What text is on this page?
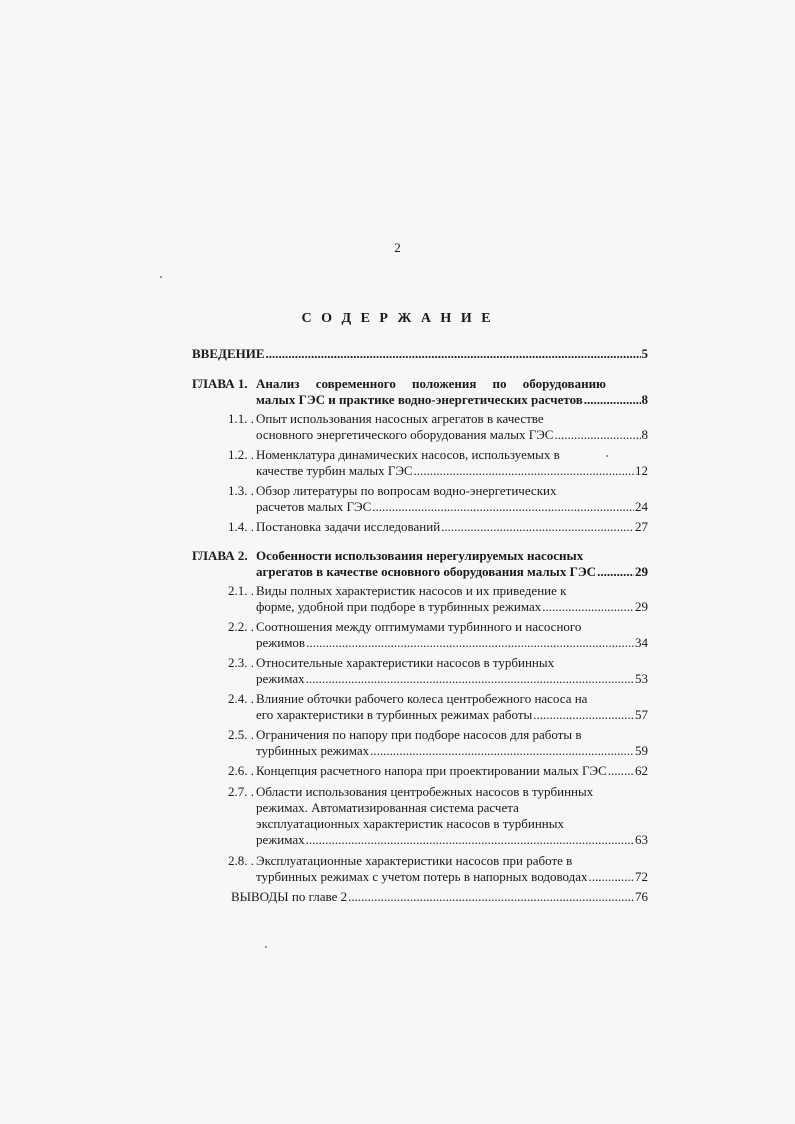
2
С О Д Е Р Ж А Н И Е
ВВЕДЕНИЕ .....	5
ГЛАВА 1. Анализ современного положения по оборудованию
малых ГЭС и практике водно-энергетических расчетов .....	8
1.1. . Опыт использования насосных агрегатов в качестве
основного энергетического оборудования малых ГЭС .....	8
1.2. . Номенклатура динамических насосов, используемых в
качестве турбин малых ГЭС .....	12
1.3. . Обзор литературы по вопросам водно-энергетических
расчетов малых ГЭС .....	24
1.4. . Постановка задачи исследований .....	27
ГЛАВА 2. Особенности использования нерегулируемых насосных
агрегатов в качестве основного оборудования малых ГЭС .....	29
2.1. . Виды полных характеристик насосов и их приведение к
форме, удобной при подборе в турбинных режимах .....	29
2.2. . Соотношения между оптимумами турбинного и насосного
режимов .....	34
2.3. . Относительные характеристики насосов в турбинных
режимах .....	53
2.4. . Влияние обточки рабочего колеса центробежного насоса на
его характеристики в турбинных режимах работы .....	57
2.5. . Ограничения по напору при подборе насосов для работы в
турбинных режимах .....	59
2.6. . Концепция расчетного напора при проектировании малых ГЭС ..... 62
2.7. . Области использования центробежных насосов в турбинных
режимах. Автоматизированная система расчета
эксплуатационных характеристик насосов в турбинных
режимах .....	63
2.8. . Эксплуатационные характеристики насосов при работе в
турбинных режимах с учетом потерь в напорных водоводах .....	72
ВЫВОДЫ по главе 2 .....	76
